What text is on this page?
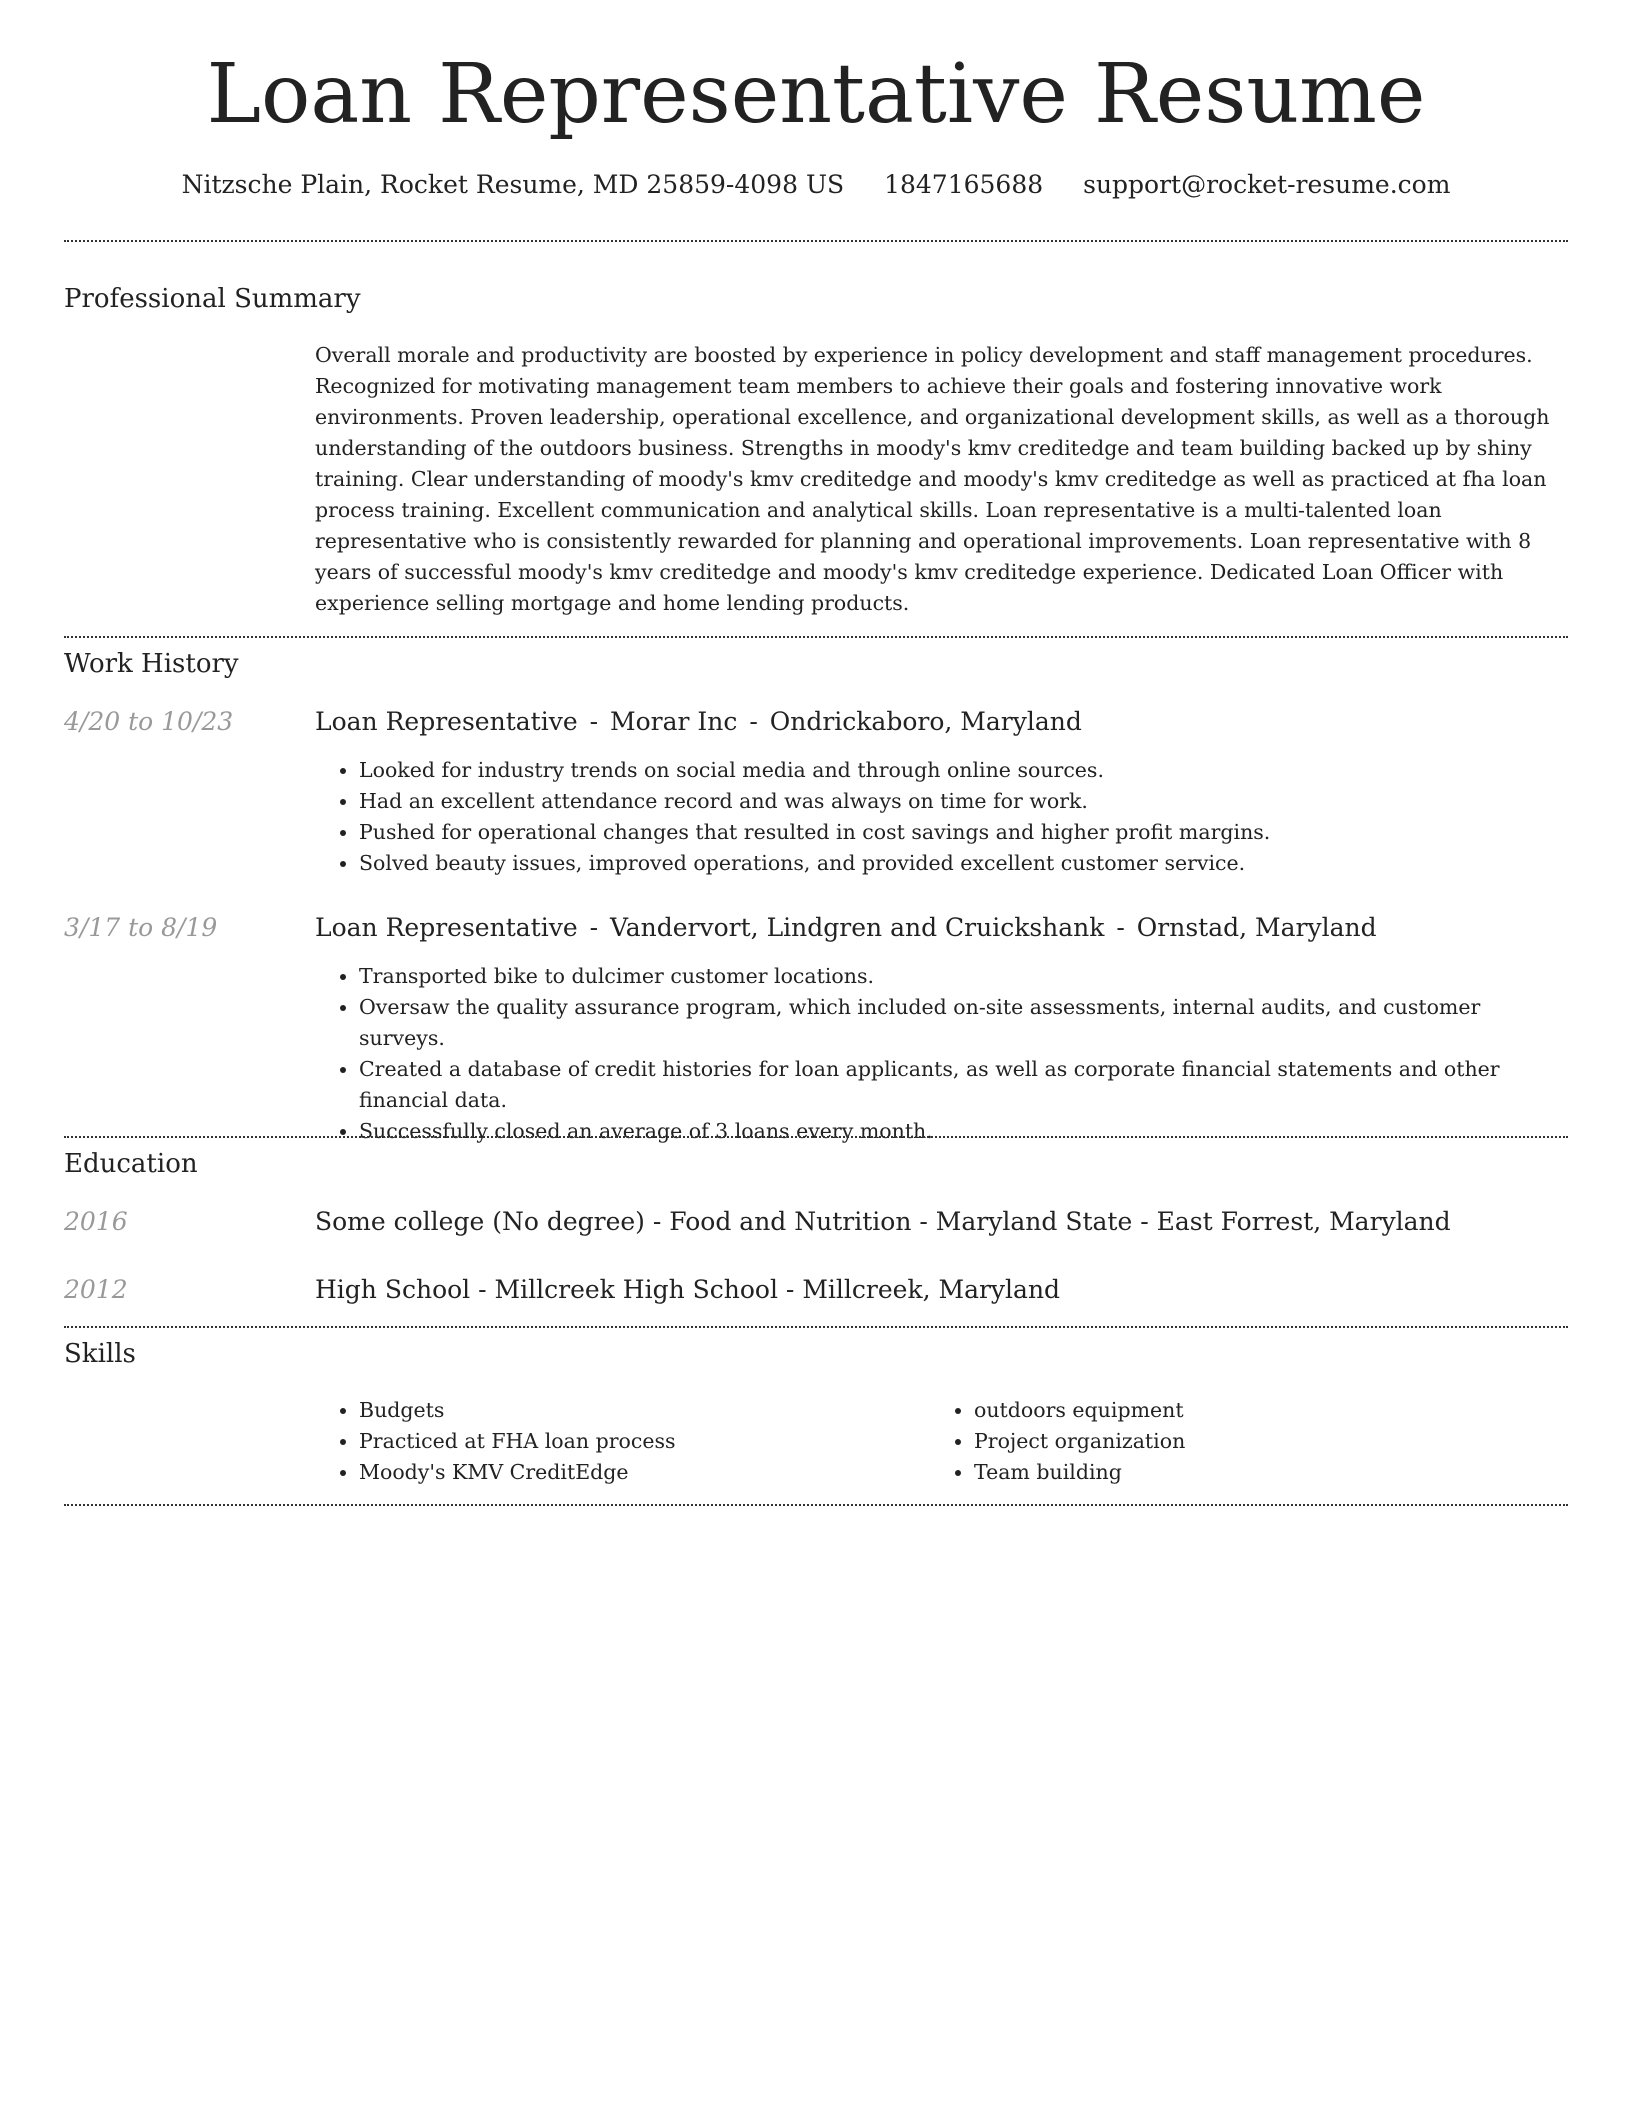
Loan Representative Resume
Nitzsche Plain, Rocket Resume, MD 25859-4098 US 1847165688 support@rocket-resume.com
Professional Summary

Overall morale and productivity are boosted by experience in policy development and staff management procedures. Recognized for motivating management team members to achieve their goals and fostering innovative work environments. Proven leadership, operational excellence, and organizational development skills, as well as a thorough understanding of the outdoors business. Strengths in moody's kmv creditedge and team building backed up by shiny training. Clear understanding of moody's kmv creditedge and moody's kmv creditedge as well as practiced at fha loan process training. Excellent communication and analytical skills. Loan representative is a multi-talented loan representative who is consistently rewarded for planning and operational improvements. Loan representative with 8 years of successful moody's kmv creditedge and moody's kmv creditedge experience. Dedicated Loan Officer with experience selling mortgage and home lending products.

Work History
4/20 to 10/23	Loan Representative - Morar Inc - Ondrickaboro, Maryland
• Looked for industry trends on social media and through online sources.
• Had an excellent attendance record and was always on time for work.
• Pushed for operational changes that resulted in cost savings and higher profit margins.
• Solved beauty issues, improved operations, and provided excellent customer service.
3/17 to 8/19	Loan Representative - Vandervort, Lindgren and Cruickshank - Ornstad, Maryland
• Transported bike to dulcimer customer locations.
• Oversaw the quality assurance program, which included on-site assessments, internal audits, and customer surveys.
• Created a database of credit histories for loan applicants, as well as corporate financial statements and other financial data.
• Successfully closed an average of 3 loans every month.
Education
2016	Some college (No degree) - Food and Nutrition - Maryland State - East Forrest, Maryland
2012	High School - Millcreek High School - Millcreek, Maryland
Skills
• Budgets
• Practiced at FHA loan process
• Moody's KMV CreditEdge
• outdoors equipment
• Project organization
• Team building
